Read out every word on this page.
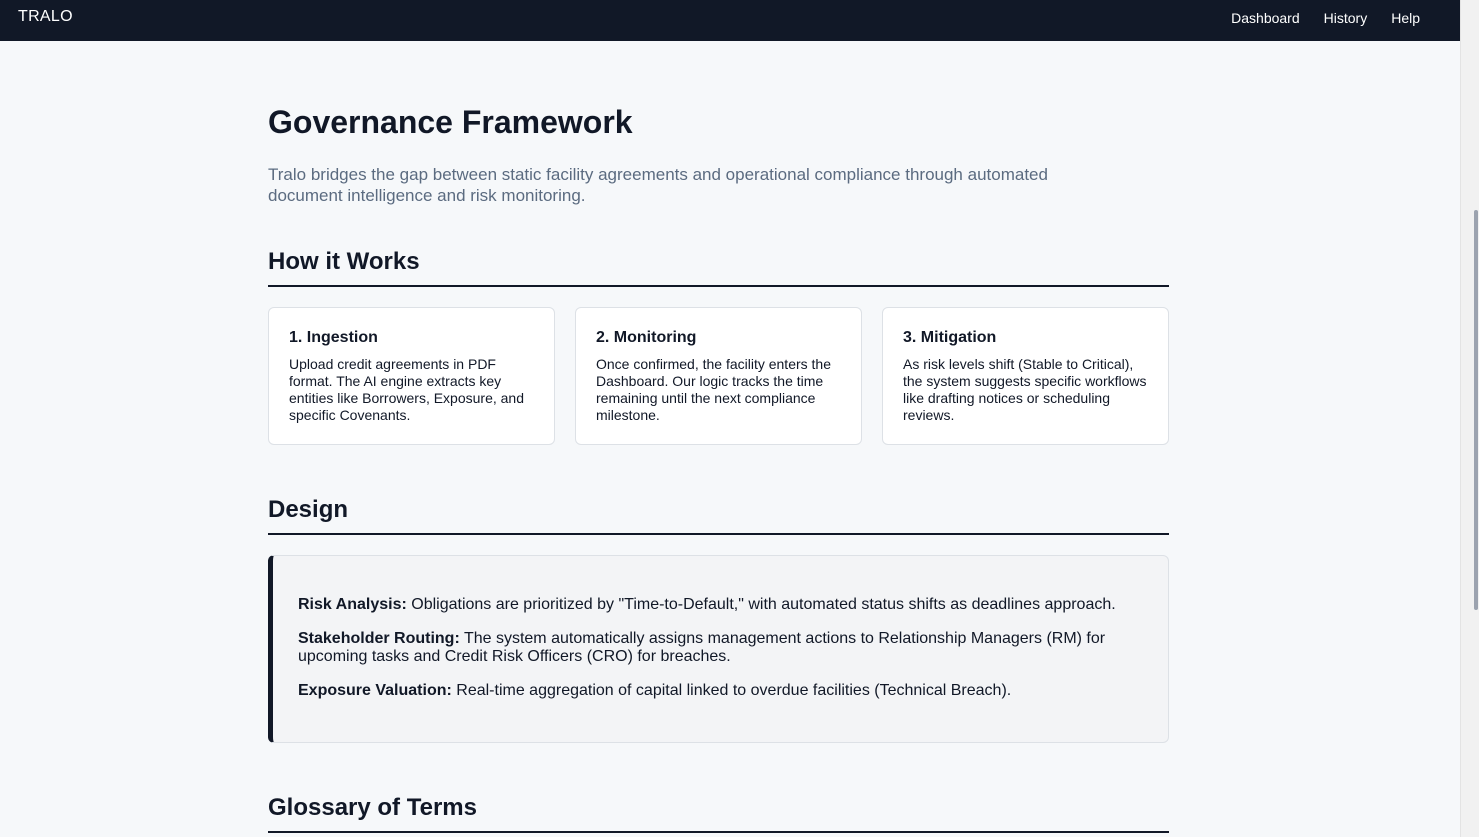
TRALO	Dashboard History Help
Governance Framework

Tralo bridges the gap between static facility agreements and operational compliance through automated document intelligence and risk monitoring.

How it Works
1. Ingestion
Upload credit agreements in PDF format. The AI engine extracts key entities like Borrowers, Exposure, and specific Covenants.
2. Monitoring
Once confirmed, the facility enters the Dashboard. Our logic tracks the time remaining until the next compliance milestone.
3. Mitigation
As risk levels shift (Stable to Critical), the system suggests specific workflows like drafting notices or scheduling reviews.
Design
Risk Analysis: Obligations are prioritized by "Time-to-Default," with automated status shifts as deadlines approach.
Stakeholder Routing: The system automatically assigns management actions to Relationship Managers (RM) for upcoming tasks and Credit Risk Officers (CRO) for breaches.
Exposure Valuation: Real-time aggregation of capital linked to overdue facilities (Technical Breach).
Glossary of Terms
